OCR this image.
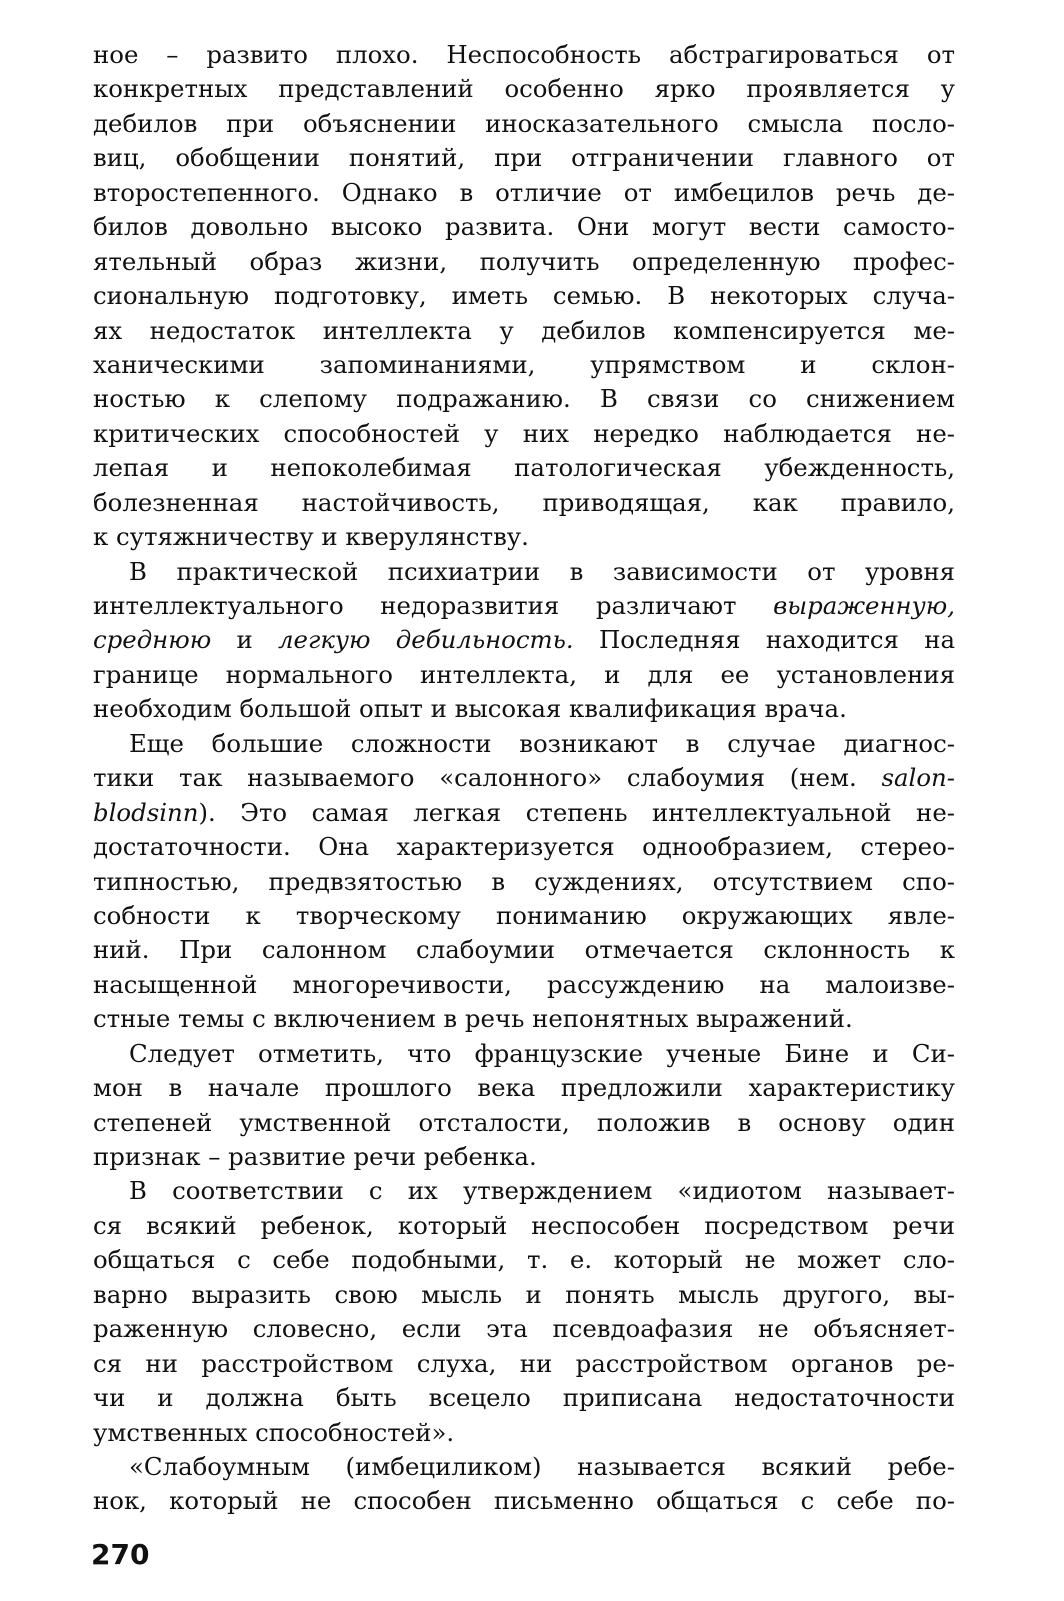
ное – развито плохо. Неспособность абстрагироваться от
конкретных представлений особенно ярко проявляется у
дебилов при объяснении иносказательного смысла посло-
виц, обобщении понятий, при отграничении главного от
второстепенного. Однако в отличие от имбецилов речь де-
билов довольно высоко развита. Они могут вести самосто-
ятельный образ жизни, получить определенную профес-
сиональную подготовку, иметь семью. В некоторых случа-
ях недостаток интеллекта у дебилов компенсируется ме-
ханическими запоминаниями, упрямством и склон-
ностью к слепому подражанию. В связи со снижением
критических способностей у них нередко наблюдается не-
лепая и непоколебимая патологическая убежденность,
болезненная настойчивость, приводящая, как правило,
к сутяжничеству и кверулянству.
В практической психиатрии в зависимости от уровня
интеллектуального недоразвития различают выраженную,
среднюю и легкую дебильность. Последняя находится на
границе нормального интеллекта, и для ее установления
необходим большой опыт и высокая квалификация врача.
Еще большие сложности возникают в случае диагнос-
тики так называемого «салонного» слабоумия (нем. salon-
blodsinn). Это самая легкая степень интеллектуальной не-
достаточности. Она характеризуется однообразием, стерео-
типностью, предвзятостью в суждениях, отсутствием спо-
собности к творческому пониманию окружающих явле-
ний. При салонном слабоумии отмечается склонность к
насыщенной многоречивости, рассуждению на малоизве-
стные темы с включением в речь непонятных выражений.
Следует отметить, что французские ученые Бине и Си-
мон в начале прошлого века предложили характеристику
степеней умственной отсталости, положив в основу один
признак – развитие речи ребенка.
В соответствии с их утверждением «идиотом называет-
ся всякий ребенок, который неспособен посредством речи
общаться с себе подобными, т. е. который не может сло-
варно выразить свою мысль и понять мысль другого, вы-
раженную словесно, если эта псевдоафазия не объясняет-
ся ни расстройством слуха, ни расстройством органов ре-
чи и должна быть всецело приписана недостаточности
умственных способностей».
«Слабоумным (имбециликом) называется всякий ребе-
нок, который не способен письменно общаться с себе по-
270
